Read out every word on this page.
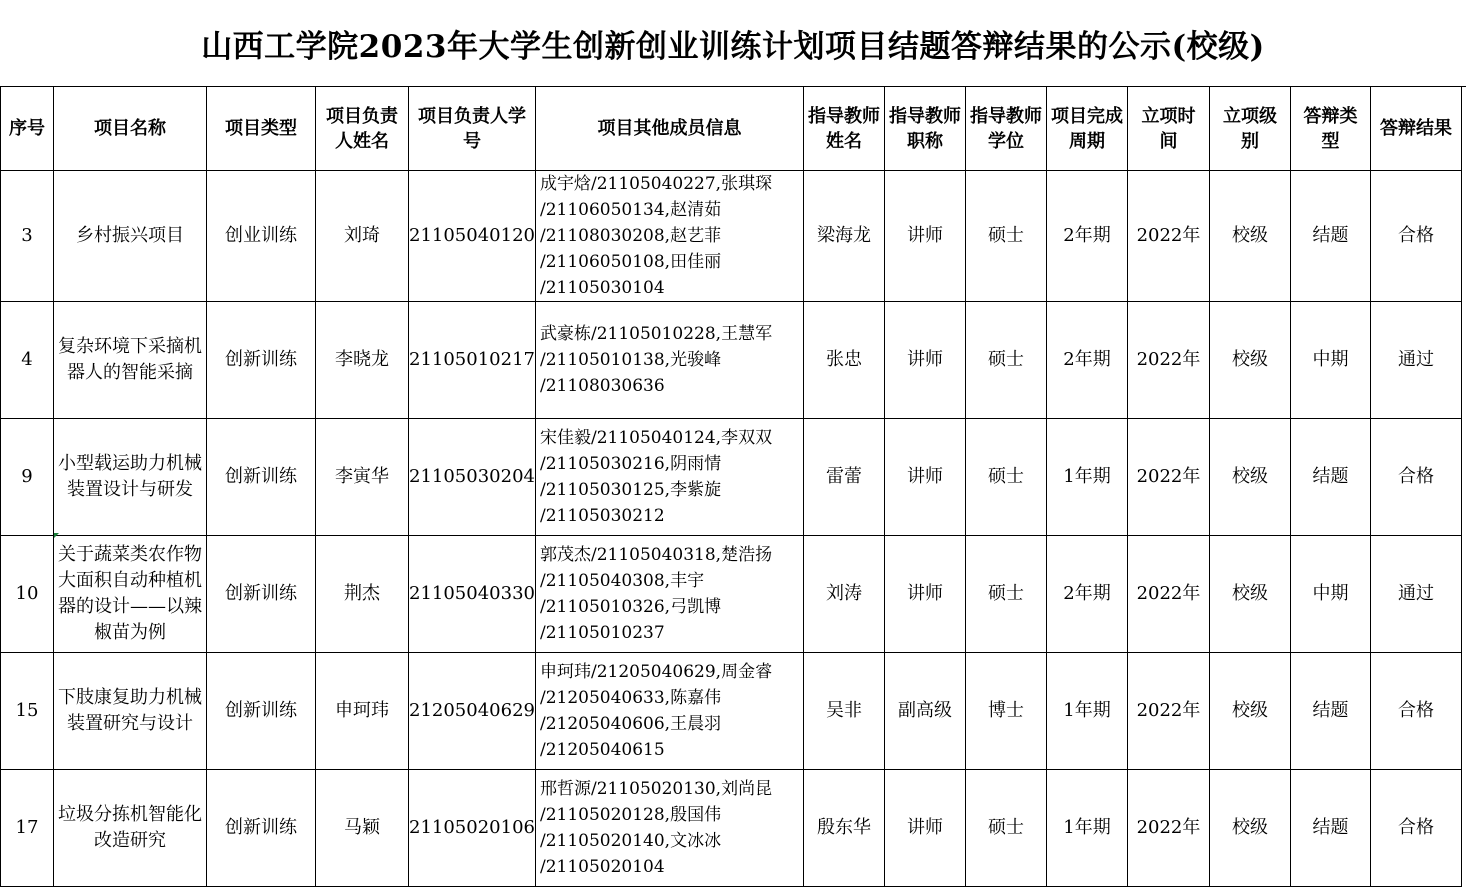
山西工学院2023年大学生创新创业训练计划项目结题答辩结果的公示(校级)
序号	项目名称	项目类型	项目负责人姓名	项目负责人学号	项目其他成员信息	指导教师姓名	指导教师职称	指导教师学位	项目完成周期	立项时间	立项级别	答辩类型	答辩结果
3	乡村振兴项目	创业训练	刘琦	21105040120	成宇焓/21105040227,张琪琛
/21106050134,赵清茹
/21108030208,赵艺菲
/21106050108,田佳丽
/21105030104	梁海龙	讲师	硕士	2年期	2022年	校级	结题	合格
4	复杂环境下采摘机器人的智能采摘	创新训练	李晓龙	21105010217	武豪栋/21105010228,王慧军
/21105010138,光骏峰
/21108030636	张忠	讲师	硕士	2年期	2022年	校级	中期	通过
9	小型载运助力机械装置设计与研发	创新训练	李寅华	21105030204	宋佳毅/21105040124,李双双
/21105030216,阴雨情
/21105030125,李紫旋
/21105030212	雷蕾	讲师	硕士	1年期	2022年	校级	结题	合格
10	关于蔬菜类农作物大面积自动种植机器的设计——以辣椒苗为例	创新训练	荆杰	21105040330	郭茂杰/21105040318,楚浩扬
/21105040308,丰宇
/21105010326,弓凯博
/21105010237	刘涛	讲师	硕士	2年期	2022年	校级	中期	通过
15	下肢康复助力机械装置研究与设计	创新训练	申珂玮	21205040629	申珂玮/21205040629,周金睿
/21205040633,陈嘉伟
/21205040606,王晨羽
/21205040615	吴非	副高级	博士	1年期	2022年	校级	结题	合格
17	垃圾分拣机智能化改造研究	创新训练	马颖	21105020106	邢哲源/21105020130,刘尚昆
/21105020128,殷国伟
/21105020140,文冰冰
/21105020104	殷东华	讲师	硕士	1年期	2022年	校级	结题	合格
